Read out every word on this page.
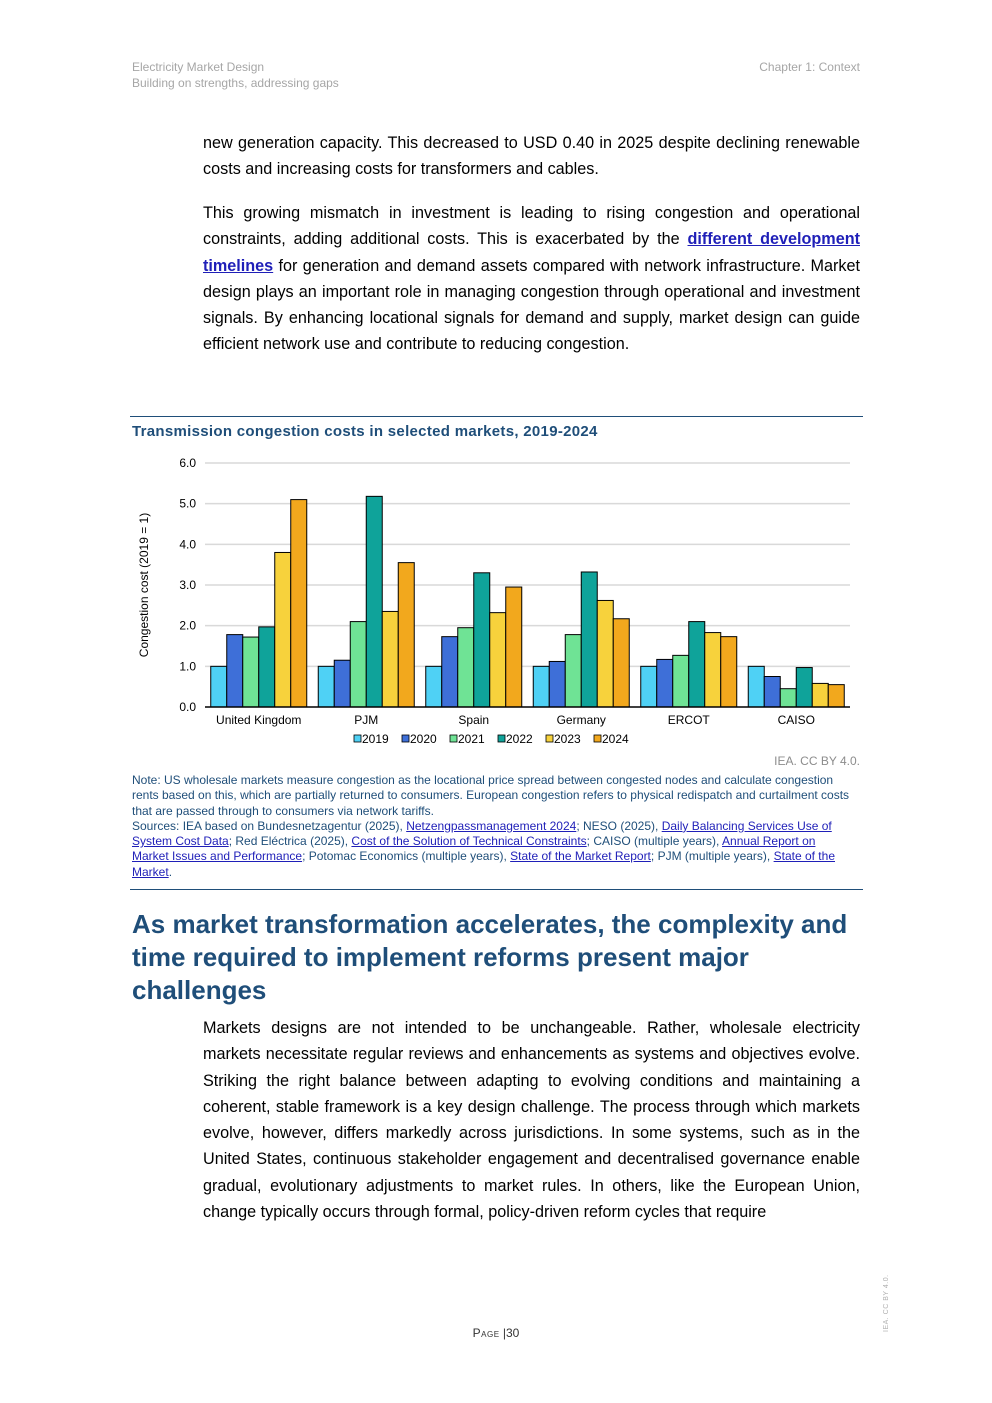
Electricity Market Design
Building on strengths, addressing gaps
Chapter 1: Context

new generation capacity. This decreased to USD 0.40 in 2025 despite declining renewable costs and increasing costs for transformers and cables.

This growing mismatch in investment is leading to rising congestion and operational constraints, adding additional costs. This is exacerbated by the different development timelines for generation and demand assets compared with network infrastructure. Market design plays an important role in managing congestion through operational and investment signals. By enhancing locational signals for demand and supply, market design can guide efficient network use and contribute to reducing congestion.

Transmission congestion costs in selected markets, 2019-2024
0.0
1.0
2.0
3.0
4.0
5.0
6.0
Congestion cost (2019 = 1)
United Kingdom	PJM	Spain	Germany	ERCOT	CAISO
2019 2020 2021 2022 2023 2024
IEA. CC BY 4.0.

Note: US wholesale markets measure congestion as the locational price spread between congested nodes and calculate congestion rents based on this, which are partially returned to consumers. European congestion refers to physical redispatch and curtailment costs that are passed through to consumers via network tariffs.

Sources: IEA based on Bundesnetzagentur (2025), Netzengpassmanagement 2024; NESO (2025), Daily Balancing Services Use of System Cost Data; Red Eléctrica (2025), Cost of the Solution of Technical Constraints; CAISO (multiple years), Annual Report on Market Issues and Performance; Potomac Economics (multiple years), State of the Market Report; PJM (multiple years), State of the Market.

As market transformation accelerates, the complexity and time required to implement reforms present major challenges

Markets designs are not intended to be unchangeable. Rather, wholesale electricity markets necessitate regular reviews and enhancements as systems and objectives evolve. Striking the right balance between adapting to evolving conditions and maintaining a coherent, stable framework is a key design challenge. The process through which markets evolve, however, differs markedly across jurisdictions. In some systems, such as in the United States, continuous stakeholder engagement and decentralised governance enable gradual, evolutionary adjustments to market rules. In others, like the European Union, change typically occurs through formal, policy-driven reform cycles that require

Page |30
IEA. CC BY 4.0.
